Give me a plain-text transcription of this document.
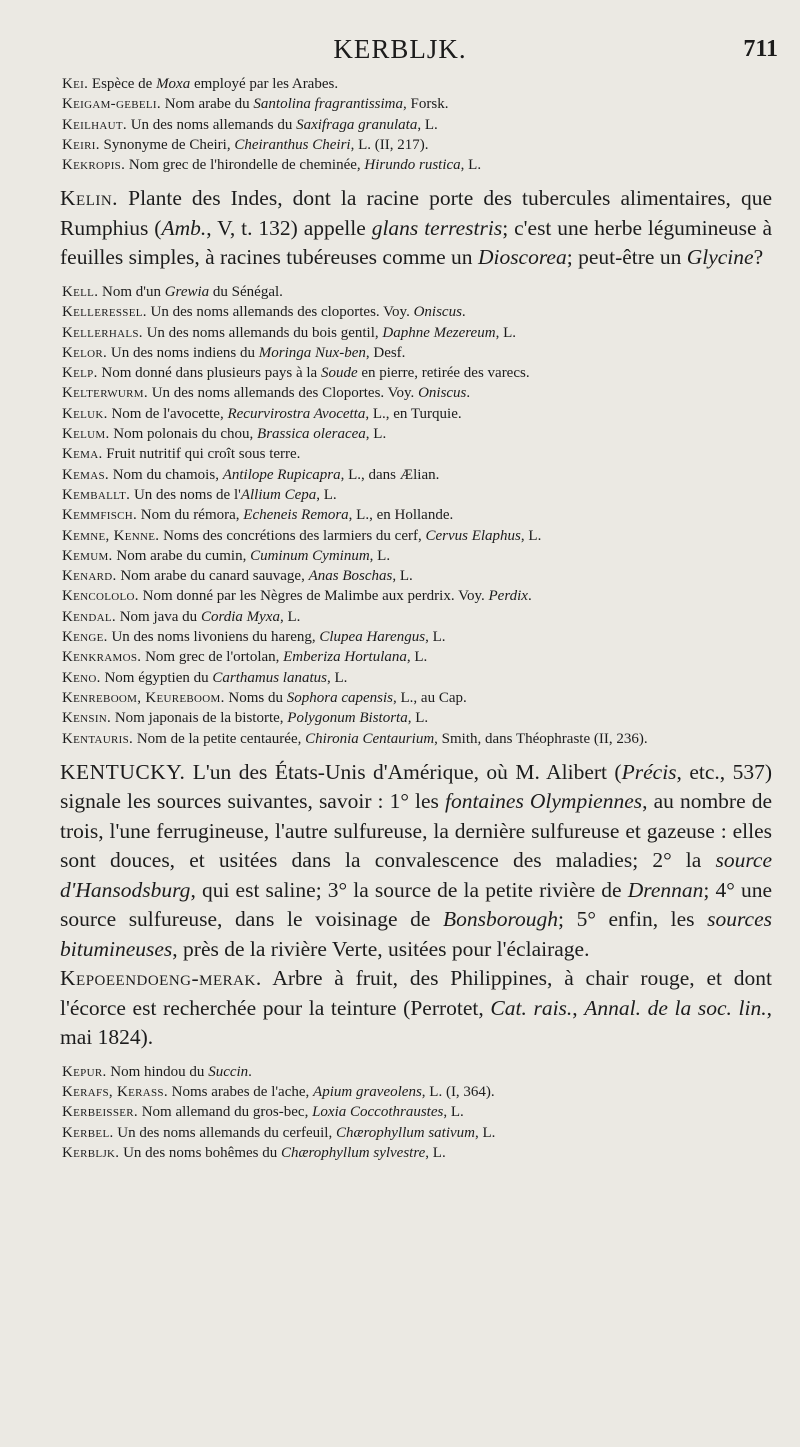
KERBLJK.	711

Kei. Espèce de Moxa employé par les Arabes.

Keigam-gebeli. Nom arabe du Santolina fragrantissima, Forsk.

Keilhaut. Un des noms allemands du Saxifraga granulata, L.

Keiri. Synonyme de Cheiri, Cheiranthus Cheiri, L. (II, 217).

Kekropis. Nom grec de l'hirondelle de cheminée, Hirundo rustica, L.

Kelin. Plante des Indes, dont la racine porte des tubercules alimentaires, que Rumphius (Amb., V, t. 132) appelle glans terrestris; c'est une herbe légumineuse à feuilles simples, à racines tubéreuses comme un Dioscorea; peut-être un Glycine?

Kell. Nom d'un Grewia du Sénégal.

Kelleressel. Un des noms allemands des cloportes. Voy. Oniscus.

Kellerhals. Un des noms allemands du bois gentil, Daphne Mezereum, L.

Kelor. Un des noms indiens du Moringa Nux-ben, Desf.

Kelp. Nom donné dans plusieurs pays à la Soude en pierre, retirée des varecs.

Kelterwurm. Un des noms allemands des Cloportes. Voy. Oniscus.

Keluk. Nom de l'avocette, Recurvirostra Avocetta, L., en Turquie.

Kelum. Nom polonais du chou, Brassica oleracea, L.

Kema. Fruit nutritif qui croît sous terre.

Kemas. Nom du chamois, Antilope Rupicapra, L., dans Ælian.

Kemballt. Un des noms de l'Allium Cepa, L.

Kemmfisch. Nom du rémora, Echeneis Remora, L., en Hollande.

Kemne, Kenne. Noms des concrétions des larmiers du cerf, Cervus Elaphus, L.

Kemum. Nom arabe du cumin, Cuminum Cyminum, L.

Kenard. Nom arabe du canard sauvage, Anas Boschas, L.

Kencololo. Nom donné par les Nègres de Malimbe aux perdrix. Voy. Perdix.

Kendal. Nom java du Cordia Myxa, L.

Kenge. Un des noms livoniens du hareng, Clupea Harengus, L.

Kenkramos. Nom grec de l'ortolan, Emberiza Hortulana, L.

Keno. Nom égyptien du Carthamus lanatus, L.

Kenreboom, Keureboom. Noms du Sophora capensis, L., au Cap.

Kensin. Nom japonais de la bistorte, Polygonum Bistorta, L.

Kentauris. Nom de la petite centaurée, Chironia Centaurium, Smith, dans Théophraste (II, 236).

KENTUCKY. L'un des États-Unis d'Amérique, où M. Alibert (Précis, etc., 537) signale les sources suivantes, savoir : 1° les fontaines Olympiennes, au nombre de trois, l'une ferrugineuse, l'autre sulfureuse, la dernière sulfureuse et gazeuse : elles sont douces, et usitées dans la convalescence des maladies; 2° la source d'Hansodsburg, qui est saline; 3° la source de la petite rivière de Drennan; 4° une source sulfureuse, dans le voisinage de Bonsborough; 5° enfin, les sources bitumineuses, près de la rivière Verte, usitées pour l'éclairage.

Kepoeendoeng-merak. Arbre à fruit, des Philippines, à chair rouge, et dont l'écorce est recherchée pour la teinture (Perrotet, Cat. rais., Annal. de la soc. lin., mai 1824).

Kepur. Nom hindou du Succin.

Kerafs, Kerass. Noms arabes de l'ache, Apium graveolens, L. (I, 364).

Kerbeisser. Nom allemand du gros-bec, Loxia Coccothraustes, L.

Kerbel. Un des noms allemands du cerfeuil, Chærophyllum sativum, L.

Kerbljk. Un des noms bohêmes du Chærophyllum sylvestre, L.
